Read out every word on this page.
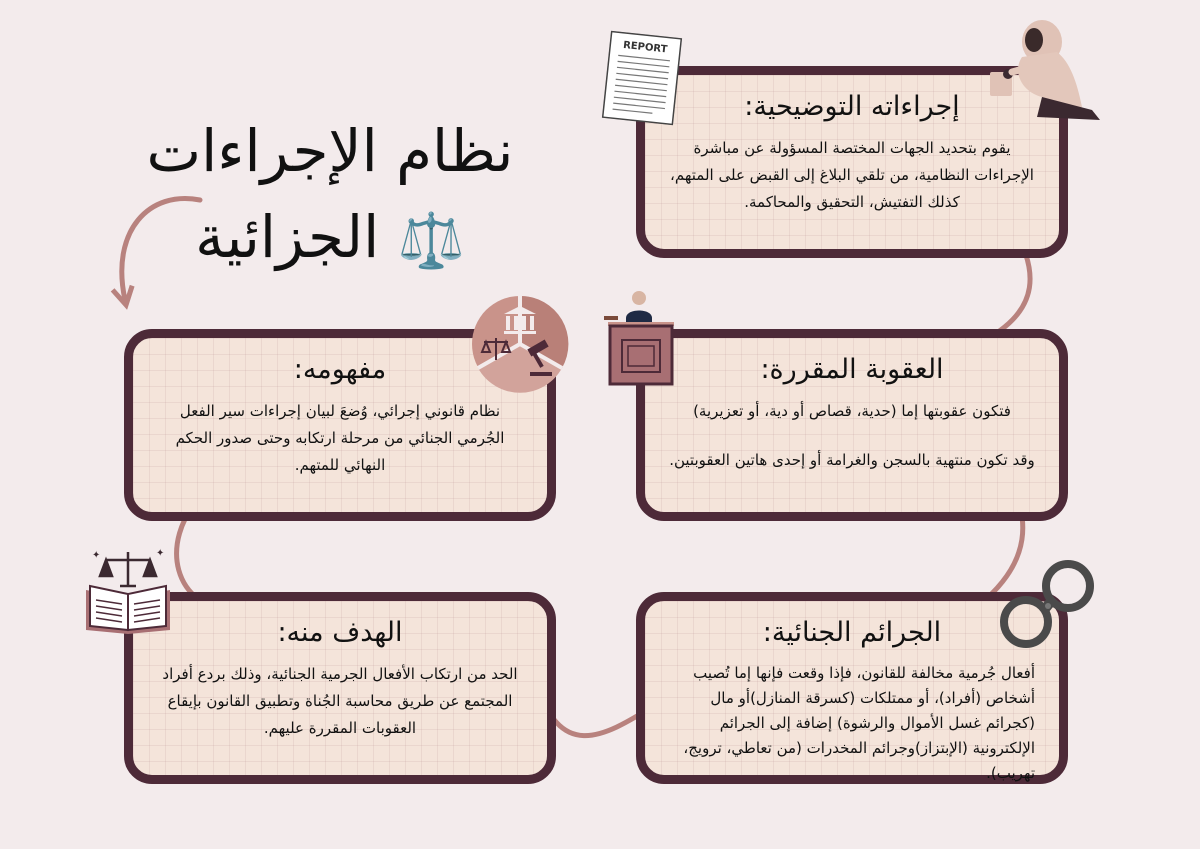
نظام الإجراءات
⚖️ الجزائية
إجراءاته التوضيحية:

يقوم بتحديد الجهات المختصة المسؤولة عن مباشرة الإجراءات النظامية، من تلقي البلاغ إلى القبض على المتهم، كذلك التفتيش، التحقيق والمحاكمة.

مفهومه:

نظام قانوني إجرائي، وُضعَ لبيان إجراءات سير الفعل الجُرمي الجنائي من مرحلة ارتكابه وحتى صدور الحكم النهائي للمتهم.

العقوبة المقررة:

فتكون عقوبتها إما (حدية، قصاص أو دية، أو تعزيرية)

وقد تكون منتهية بالسجن والغرامة أو إحدى هاتين العقوبتين.

الهدف منه:

الحد من ارتكاب الأفعال الجرمية الجنائية، وذلك بردع أفراد المجتمع عن طريق محاسبة الجُناة وتطبيق القانون بإيقاع العقوبات المقررة عليهم.

الجرائم الجنائية:

أفعال جُرمية مخالفة للقانون، فإذا وقعت فإنها إما تُصيب أشخاص (أفراد)، أو ممتلكات (كسرقة المنازل)أو مال (كجرائم غسل الأموال والرشوة) إضافة إلى الجرائم الإلكترونية (الإبتزاز)وجرائم المخدرات (من تعاطي، ترويج، تهريب).

REPORT
✦	✦
